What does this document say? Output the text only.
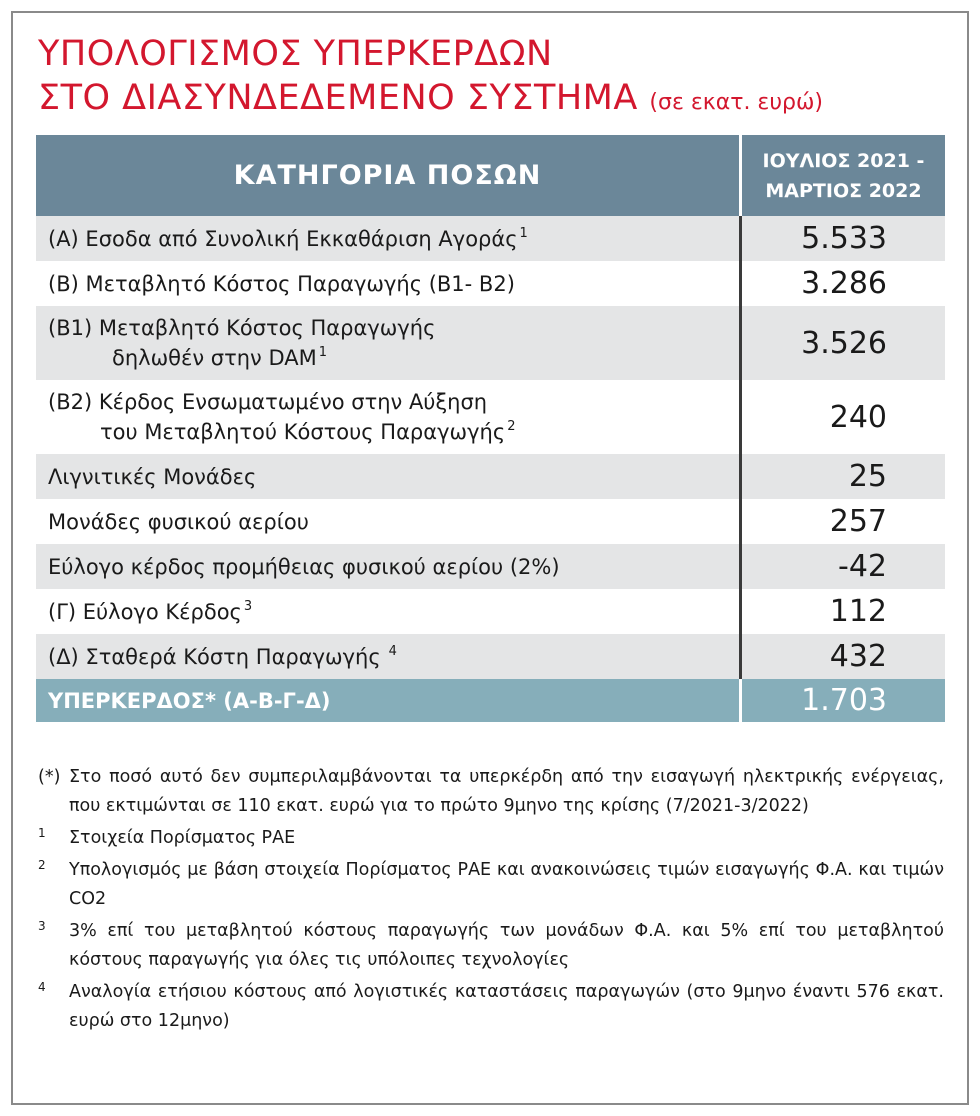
ΥΠΟΛΟΓΙΣΜΟΣ ΥΠΕΡΚΕΡΔΩΝ
ΣΤΟ ΔΙΑΣΥΝΔΕΔΕΜΕΝΟ ΣΥΣΤΗΜΑ (σε εκατ. ευρώ)
ΚΑΤΗΓΟΡΙΑ ΠΟΣΩΝ	ΙΟΥΛΙΟΣ 2021 -
ΜΑΡΤΙΟΣ 2022
(Α) Εσοδα από Συνολική Εκκαθάριση Αγοράς $^1$	5.533
(Β) Μεταβλητό Κόστος Παραγωγής (Β1- Β2)	3.286
(Β1) Μεταβλητό Κόστος Παραγωγής
δηλωθέν στην DAM $^1$	3.526
(Β2) Κέρδος Ενσωματωμένο στην Αύξηση
του Μεταβλητού Κόστους Παραγωγής $^2$	240
Λιγνιτικές Μονάδες	25
Μονάδες φυσικού αερίου	257
Εύλογο κέρδος προμήθειας φυσικού αερίου (2%)	-42
(Γ) Εύλογο Κέρδος $^3$	112
(Δ) Σταθερά Κόστη Παραγωγής $^4$	432
ΥΠΕΡΚΕΡΔΟΣ* (Α-Β-Γ-Δ)	1.703
(*) Στο ποσό αυτό δεν συμπεριλαμβάνονται τα υπερκέρδη από την εισαγωγή ηλεκτρικής ενέργειας, που εκτιμώνται σε 110 εκατ. ευρώ για το πρώτο 9μηνο της κρίσης (7/2021-3/2022)
1	Στοιχεία Πορίσματος ΡΑΕ
2	Υπολογισμός με βάση στοιχεία Πορίσματος ΡΑΕ και ανακοινώσεις τιμών εισαγωγής Φ.Α. και τιμών CO2
3	3% επί του μεταβλητού κόστους παραγωγής των μονάδων Φ.Α. και 5% επί του μεταβλητού κόστους παραγωγής για όλες τις υπόλοιπες τεχνολογίες
4	Αναλογία ετήσιου κόστους από λογιστικές καταστάσεις παραγωγών (στο 9μηνο έναντι 576 εκατ. ευρώ στο 12μηνο)
